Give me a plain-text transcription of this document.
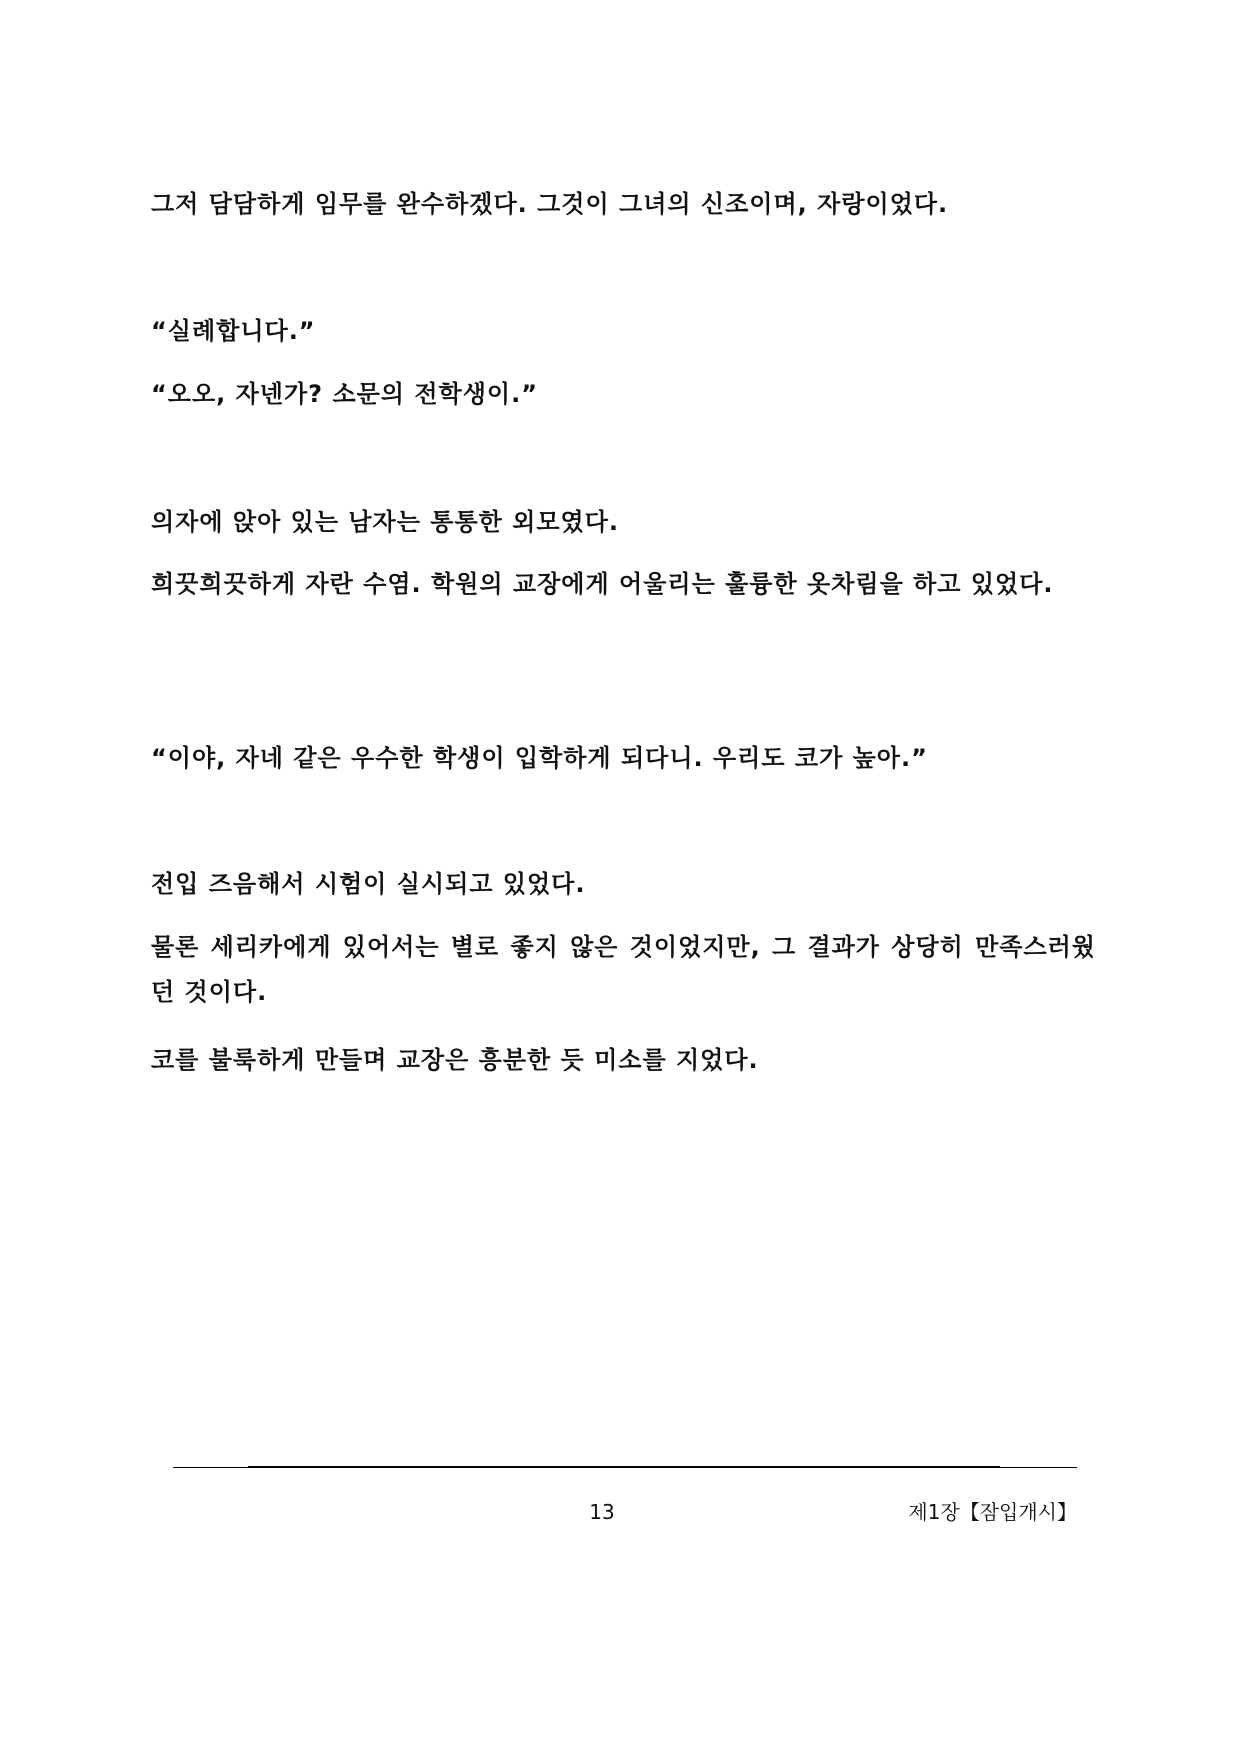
그저 담담하게 임무를 완수하겠다. 그것이 그녀의 신조이며, 자랑이었다.

“실례합니다.”

“오오, 자넨가? 소문의 전학생이.”

의자에 앉아 있는 남자는 통통한 외모였다.

희끗희끗하게 자란 수염. 학원의 교장에게 어울리는 훌륭한 옷차림을 하고 있었다.

“이야, 자네 같은 우수한 학생이 입학하게 되다니. 우리도 코가 높아.”

전입 즈음해서 시험이 실시되고 있었다.

물론 세리카에게 있어서는 별로 좋지 않은 것이었지만, 그 결과가 상당히 만족스러웠던 것이다.

코를 불룩하게 만들며 교장은 흥분한 듯 미소를 지었다.

13	제1장【잠입개시】
